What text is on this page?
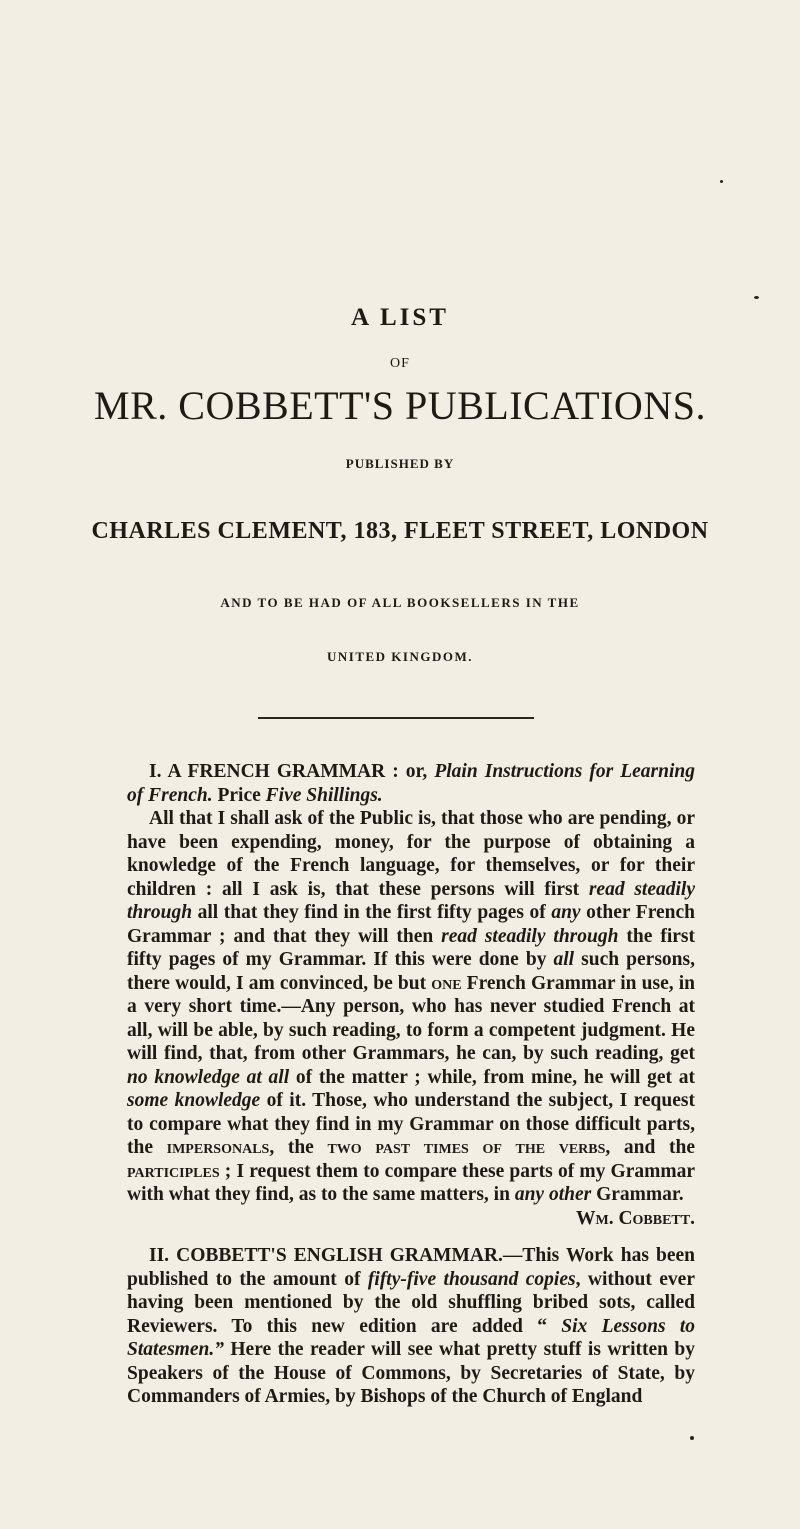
A LIST
OF
MR. COBBETT'S PUBLICATIONS.
PUBLISHED BY
CHARLES CLEMENT, 183, FLEET STREET, LONDON
AND TO BE HAD OF ALL BOOKSELLERS IN THE
UNITED KINGDOM.

I. A FRENCH GRAMMAR : or, Plain Instructions for Learning of French. Price Five Shillings.

All that I shall ask of the Public is, that those who are pending, or have been expending, money, for the purpose of obtaining a knowledge of the French language, for themselves, or for their children : all I ask is, that these persons will first read steadily through all that they find in the first fifty pages of any other French Grammar ; and that they will then read steadily through the first fifty pages of my Grammar. If this were done by all such persons, there would, I am convinced, be but one French Grammar in use, in a very short time.—Any person, who has never studied French at all, will be able, by such reading, to form a competent judgment. He will find, that, from other Grammars, he can, by such reading, get no knowledge at all of the matter ; while, from mine, he will get at some knowledge of it. Those, who understand the subject, I request to compare what they find in my Grammar on those difficult parts, the impersonals, the two past times of the verbs, and the participles ; I request them to compare these parts of my Grammar with what they find, as to the same matters, in any other Grammar.

Wm. Cobbett.

II. COBBETT'S ENGLISH GRAMMAR.—This Work has been published to the amount of fifty-five thousand copies, without ever having been mentioned by the old shuffling bribed sots, called Reviewers. To this new edition are added “ Six Lessons to Statesmen.” Here the reader will see what pretty stuff is written by Speakers of the House of Commons, by Secretaries of State, by Commanders of Armies, by Bishops of the Church of England
